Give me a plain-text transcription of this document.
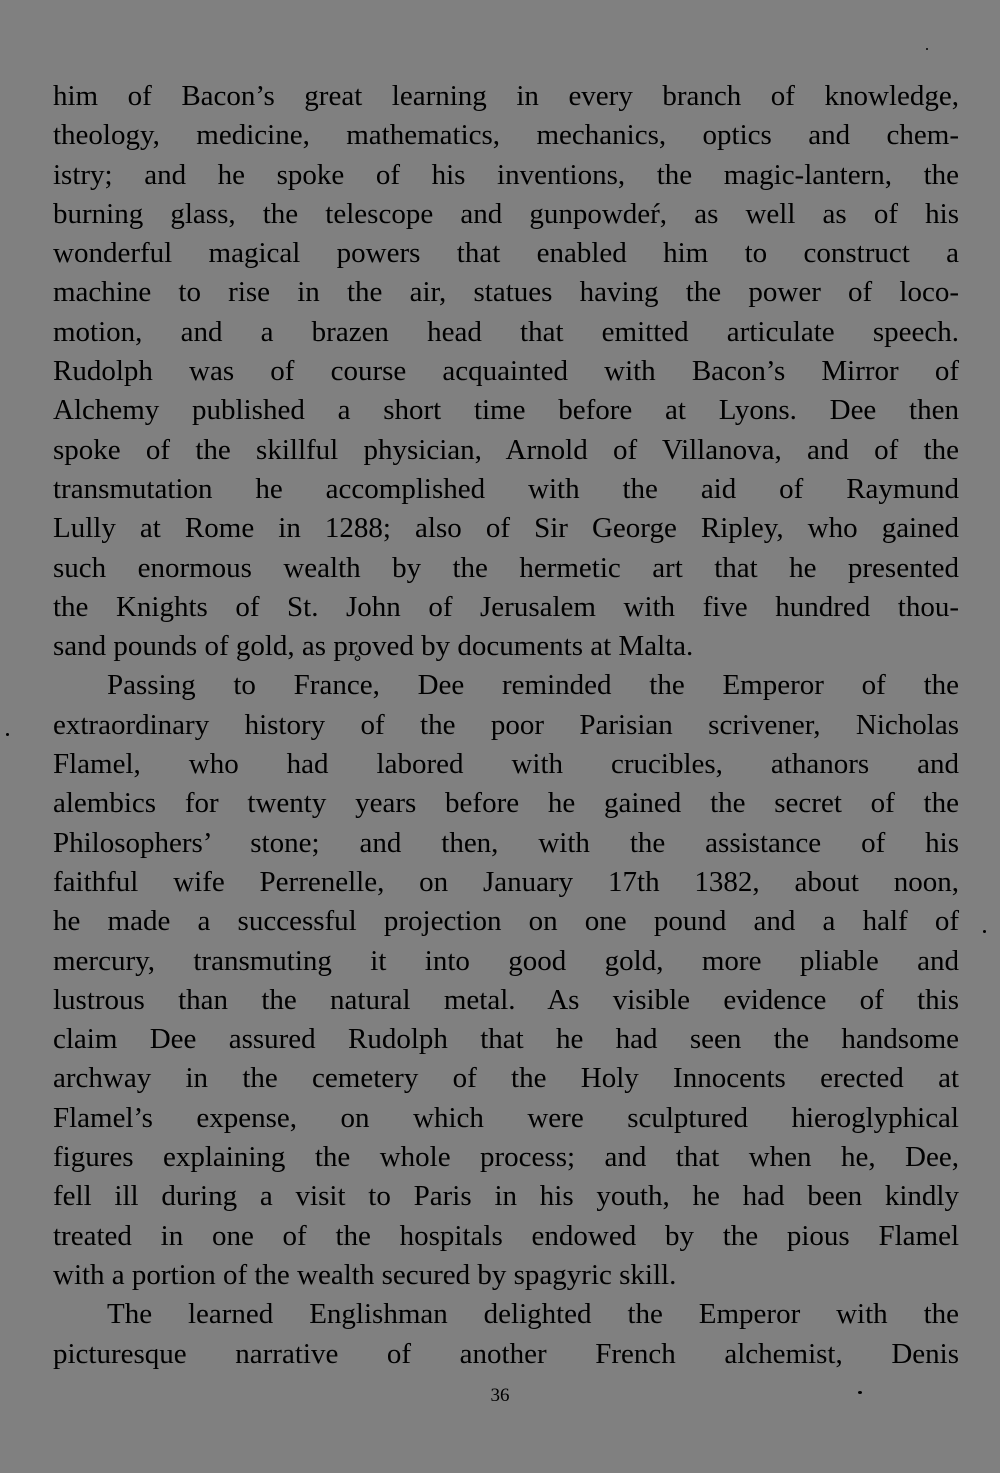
him of Bacon’s great learning in every branch of knowledge,
theology, medicine, mathematics, mechanics, optics and chem-
istry; and he spoke of his inventions, the magic-lantern, the
burning glass, the telescope and gunpowdeŕ, as well as of his
wonderful magical powers that enabled him to construct a
machine to rise in the air, statues having the power of loco-
motion, and a brazen head that emitted articulate speech.
Rudolph was of course acquainted with Bacon’s Mirror of
Alchemy published a short time before at Lyons. Dee then
spoke of the skillful physician, Arnold of Villanova, and of the
transmutation he accomplished with the aid of Raymund
Lully at Rome in 1288; also of Sir George Ripley, who gained
such enormous wealth by the hermetic art that he presented
the Knights of St. John of Jerusalem with five hundred thou-
sand pounds of gold, as pr̥oved by documents at Malta.
Passing to France, Dee reminded the Emperor of the
extraordinary history of the poor Parisian scrivener, Nicholas
Flamel, who had labored with crucibles, athanors and
alembics for twenty years before he gained the secret of the
Philosophers’ stone; and then, with the assistance of his
faithful wife Perrenelle, on January 17th 1382, about noon,
he made a successful projection on one pound and a half of
mercury, transmuting it into good gold, more pliable and
lustrous than the natural metal. As visible evidence of this
claim Dee assured Rudolph that he had seen the handsome
archway in the cemetery of the Holy Innocents erected at
Flamel’s expense, on which were sculptured hieroglyphical
figures explaining the whole process; and that when he, Dee,
fell ill during a visit to Paris in his youth, he had been kindly
treated in one of the hospitals endowed by the pious Flamel
with a portion of the wealth secured by spagyric skill.
The learned Englishman delighted the Emperor with the
picturesque narrative of another French alchemist, Denis
36
